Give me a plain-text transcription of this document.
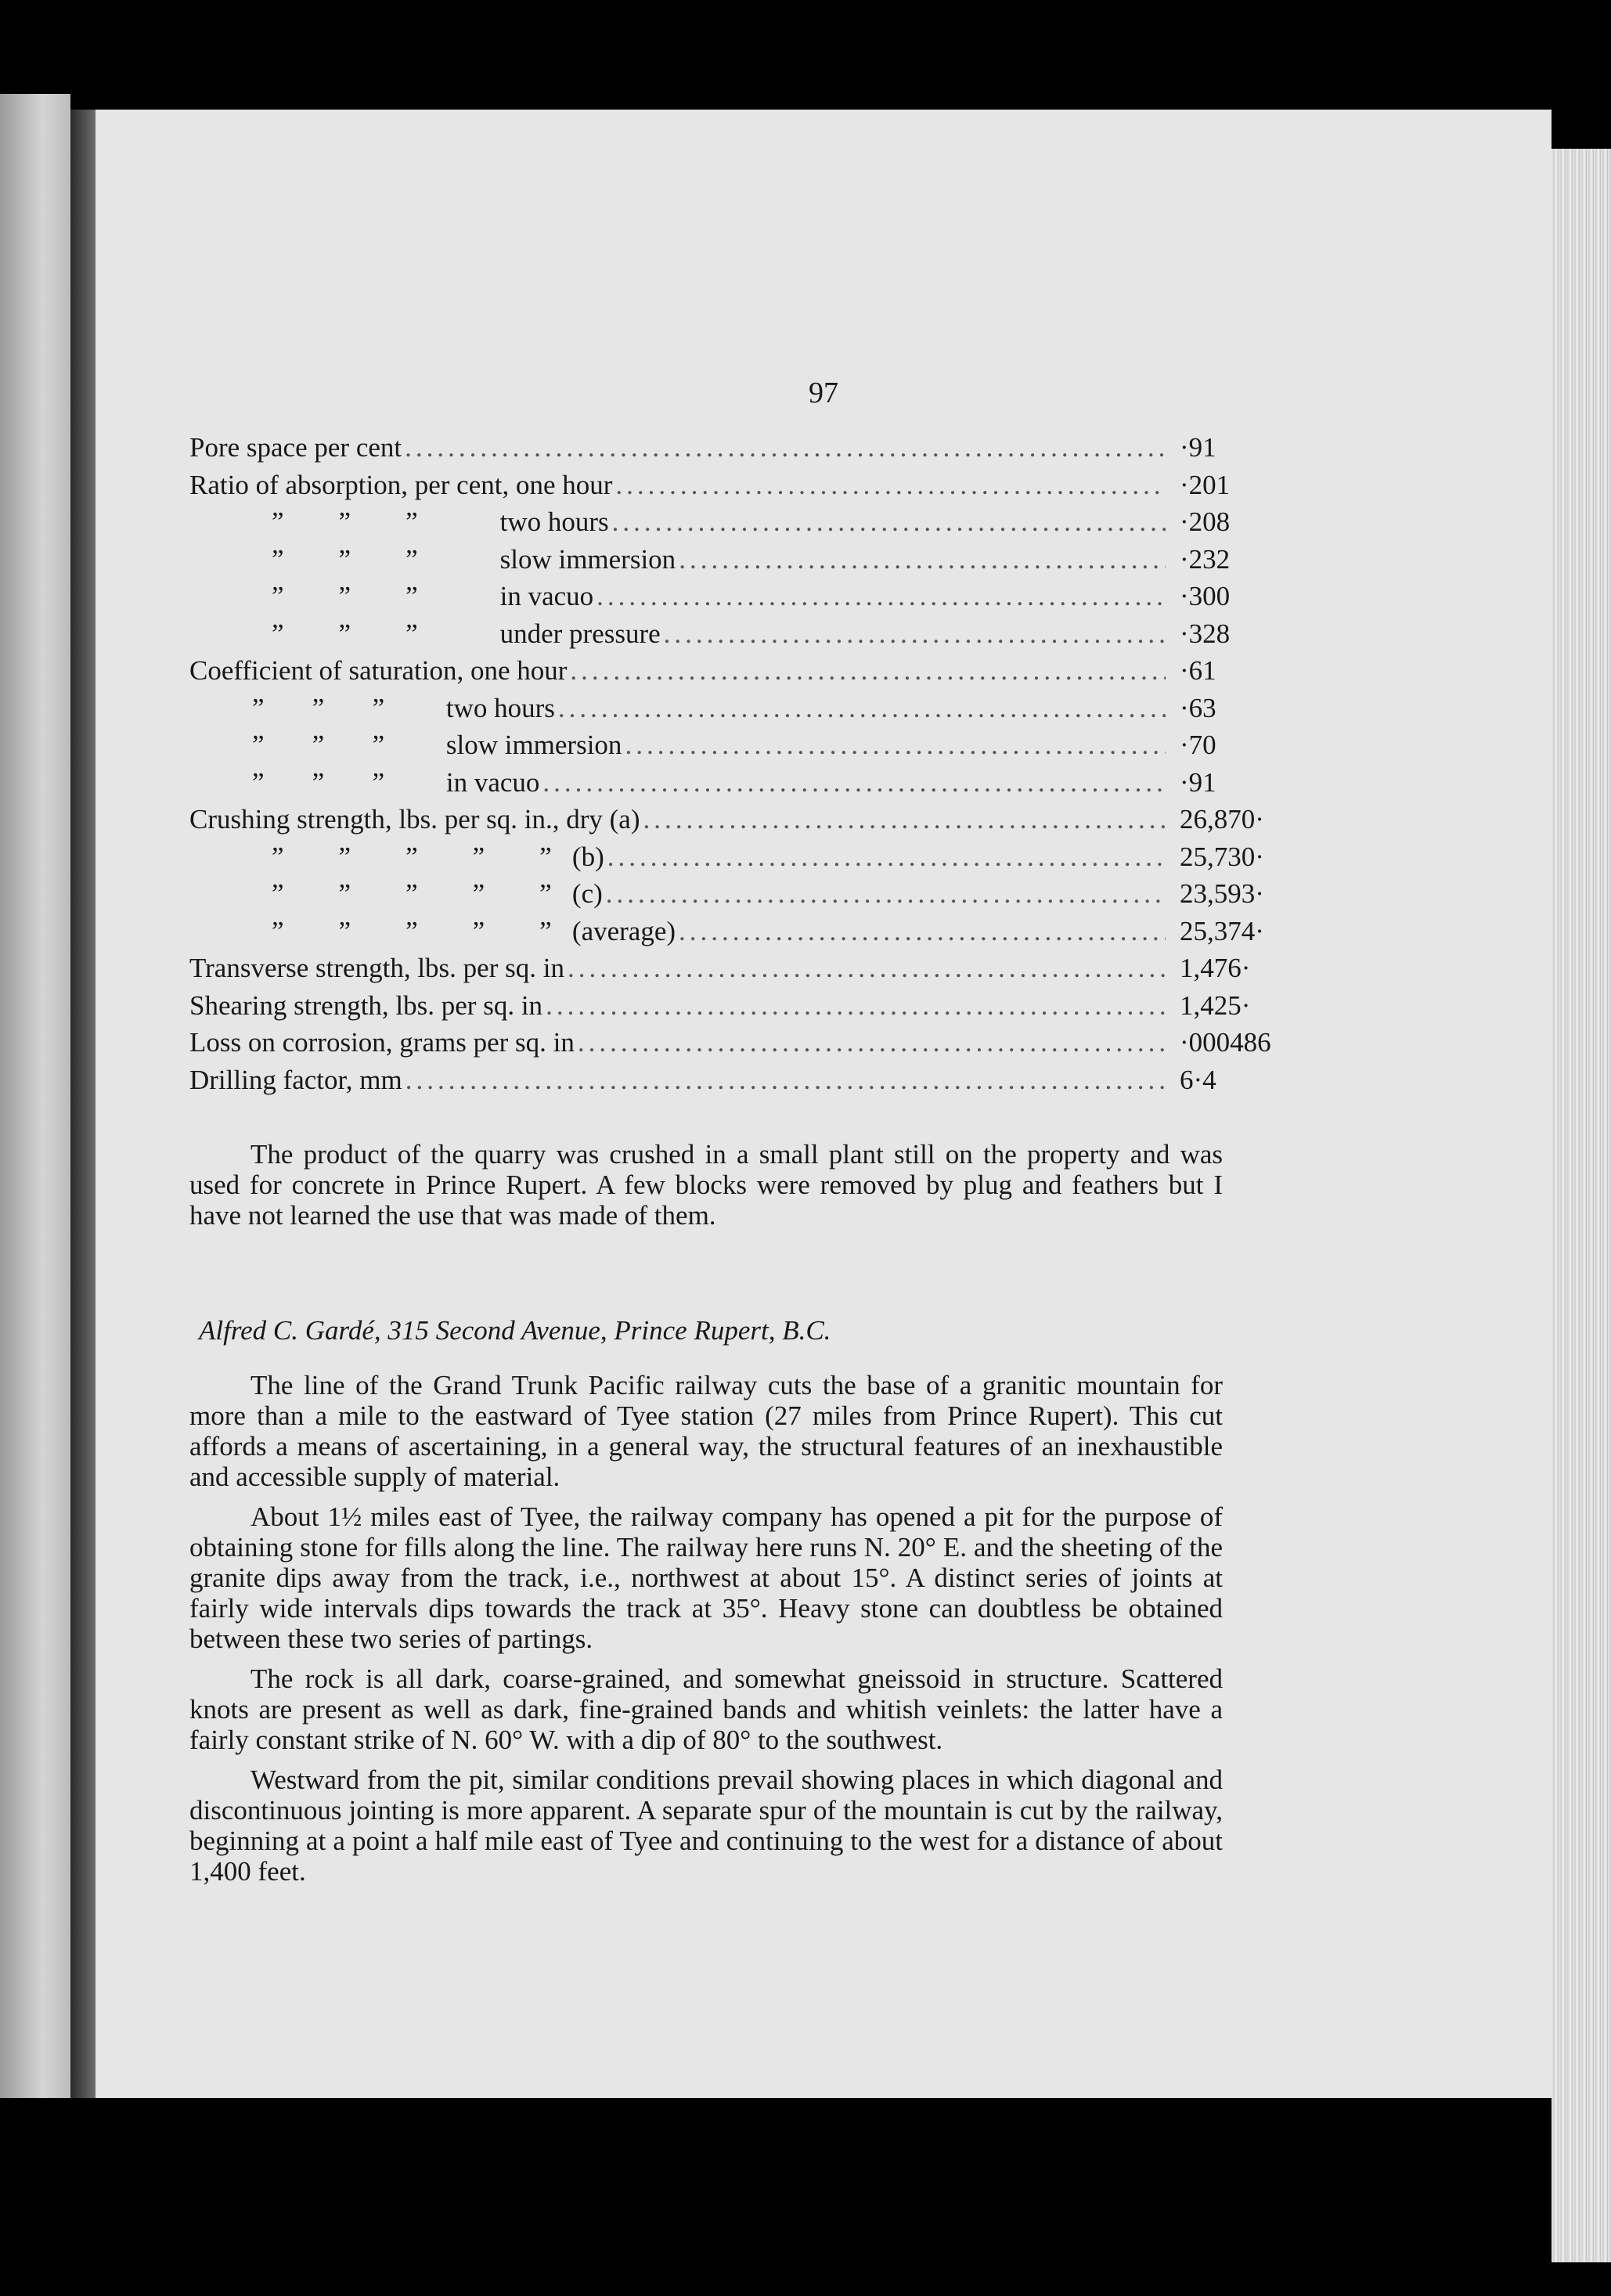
97
Pore space per cent .....	·91
Ratio of absorption, per cent, one hour .....	·201
”        ”        ”            two hours .....	·208
”        ”        ”            slow immersion .....	·232
”        ”        ”            in vacuo .....	·300
”        ”        ”            under pressure .....	·328
Coefficient of saturation, one hour .....	·61
”       ”       ”         two hours .....	·63
”       ”       ”         slow immersion .....	·70
”       ”       ”         in vacuo .....	·91
Crushing strength, lbs. per sq. in., dry (a) .....	26,870·
”        ”        ”        ”        ”   (b) .....	25,730·
”        ”        ”        ”        ”   (c) .....	23,593·
”        ”        ”        ”        ”   (average) .....	25,374·
Transverse strength, lbs. per sq. in .....	1,476·
Shearing strength, lbs. per sq. in .....	1,425·
Loss on corrosion, grams per sq. in .....	·000486
Drilling factor, mm .....	6·4

The product of the quarry was crushed in a small plant still on the property and was used for concrete in Prince Rupert. A few blocks were removed by plug and feathers but I have not learned the use that was made of them.

Alfred C. Gardé, 315 Second Avenue, Prince Rupert, B.C.

The line of the Grand Trunk Pacific railway cuts the base of a granitic mountain for more than a mile to the eastward of Tyee station (27 miles from Prince Rupert). This cut affords a means of ascertaining, in a general way, the structural features of an inexhaustible and accessible supply of material.

About 1½ miles east of Tyee, the railway company has opened a pit for the purpose of obtaining stone for fills along the line. The railway here runs N. 20° E. and the sheeting of the granite dips away from the track, i.e., northwest at about 15°. A distinct series of joints at fairly wide intervals dips towards the track at 35°. Heavy stone can doubtless be obtained between these two series of partings.

The rock is all dark, coarse-grained, and somewhat gneissoid in structure. Scattered knots are present as well as dark, fine-grained bands and whitish veinlets: the latter have a fairly constant strike of N. 60° W. with a dip of 80° to the southwest.

Westward from the pit, similar conditions prevail showing places in which diagonal and discontinuous jointing is more apparent. A separate spur of the mountain is cut by the railway, beginning at a point a half mile east of Tyee and continuing to the west for a distance of about 1,400 feet.
